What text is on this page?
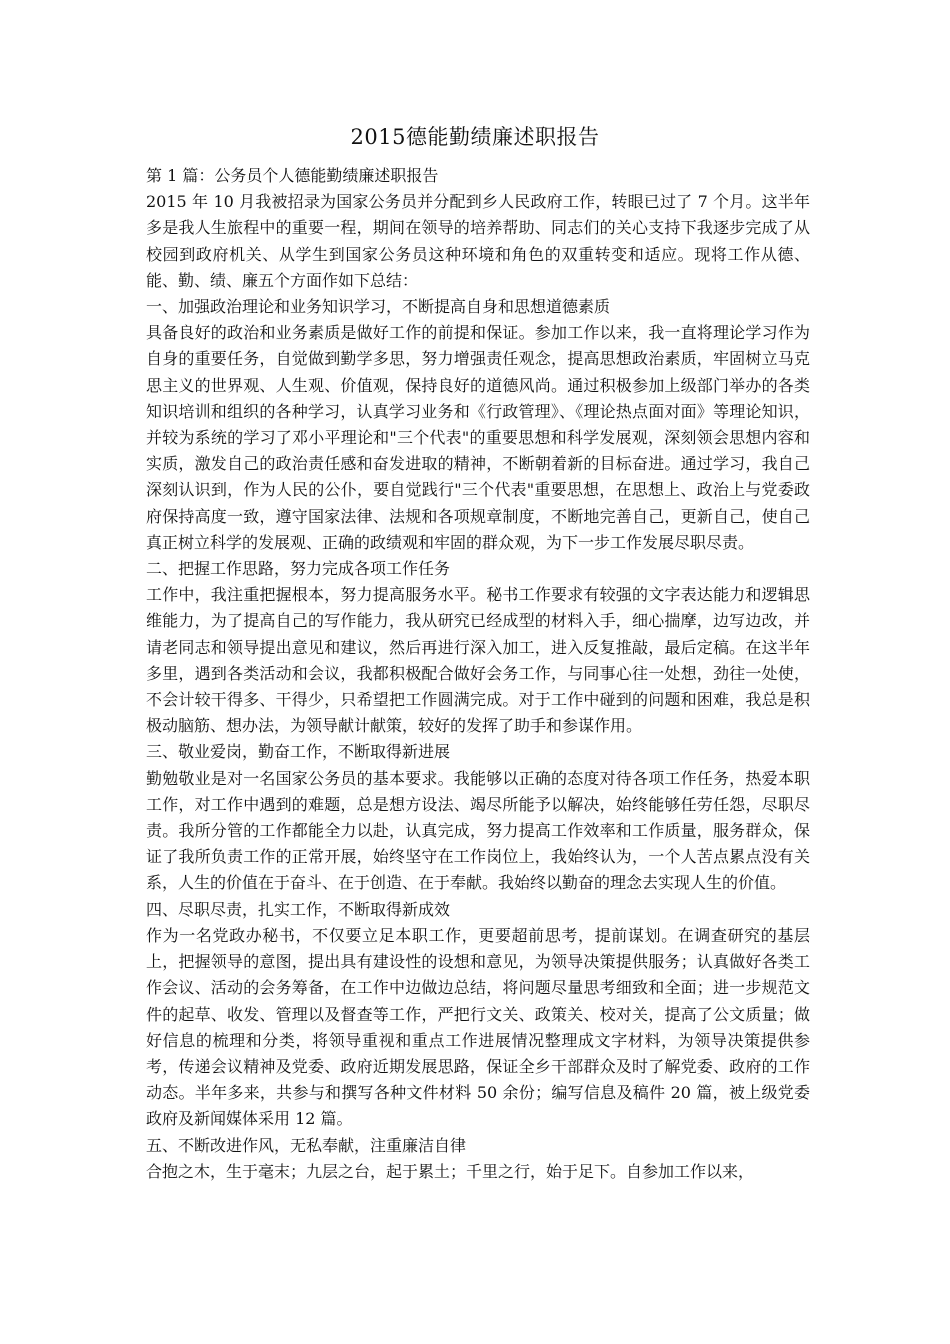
2015德能勤绩廉述职报告

第 1 篇：公务员个人德能勤绩廉述职报告

2015 年 10 月我被招录为国家公务员并分配到乡人民政府工作，转眼已过了 7 个月。这半年多是我人生旅程中的重要一程，期间在领导的培养帮助、同志们的关心支持下我逐步完成了从校园到政府机关、从学生到国家公务员这种环境和角色的双重转变和适应。现将工作从德、能、勤、绩、廉五个方面作如下总结：

一、加强政治理论和业务知识学习，不断提高自身和思想道德素质

具备良好的政治和业务素质是做好工作的前提和保证。参加工作以来，我一直将理论学习作为自身的重要任务，自觉做到勤学多思，努力增强责任观念，提高思想政治素质，牢固树立马克思主义的世界观、人生观、价值观，保持良好的道德风尚。通过积极参加上级部门举办的各类知识培训和组织的各种学习，认真学习业务和《行政管理》、《理论热点面对面》等理论知识，并较为系统的学习了邓小平理论和"三个代表"的重要思想和科学发展观，深刻领会思想内容和实质，激发自己的政治责任感和奋发进取的精神，不断朝着新的目标奋进。通过学习，我自己深刻认识到，作为人民的公仆，要自觉践行"三个代表"重要思想，在思想上、政治上与党委政府保持高度一致，遵守国家法律、法规和各项规章制度，不断地完善自己，更新自己，使自己真正树立科学的发展观、正确的政绩观和牢固的群众观，为下一步工作发展尽职尽责。

二、把握工作思路，努力完成各项工作任务

工作中，我注重把握根本，努力提高服务水平。秘书工作要求有较强的文字表达能力和逻辑思维能力，为了提高自己的写作能力，我从研究已经成型的材料入手，细心揣摩，边写边改，并请老同志和领导提出意见和建议，然后再进行深入加工，进入反复推敲，最后定稿。在这半年多里，遇到各类活动和会议，我都积极配合做好会务工作，与同事心往一处想，劲往一处使，不会计较干得多、干得少，只希望把工作圆满完成。对于工作中碰到的问题和困难，我总是积极动脑筋、想办法，为领导献计献策，较好的发挥了助手和参谋作用。

三、敬业爱岗，勤奋工作，不断取得新进展

勤勉敬业是对一名国家公务员的基本要求。我能够以正确的态度对待各项工作任务，热爱本职工作，对工作中遇到的难题，总是想方设法、竭尽所能予以解决，始终能够任劳任怨，尽职尽责。我所分管的工作都能全力以赴，认真完成，努力提高工作效率和工作质量，服务群众，保证了我所负责工作的正常开展，始终坚守在工作岗位上，我始终认为，一个人苦点累点没有关系，人生的价值在于奋斗、在于创造、在于奉献。我始终以勤奋的理念去实现人生的价值。

四、尽职尽责，扎实工作，不断取得新成效

作为一名党政办秘书，不仅要立足本职工作，更要超前思考，提前谋划。在调查研究的基层上，把握领导的意图，提出具有建设性的设想和意见，为领导决策提供服务；认真做好各类工作会议、活动的会务筹备，在工作中边做边总结，将问题尽量思考细致和全面；进一步规范文件的起草、收发、管理以及督查等工作，严把行文关、政策关、校对关，提高了公文质量；做好信息的梳理和分类，将领导重视和重点工作进展情况整理成文字材料，为领导决策提供参考，传递会议精神及党委、政府近期发展思路，保证全乡干部群众及时了解党委、政府的工作动态。半年多来，共参与和撰写各种文件材料 50 余份；编写信息及稿件 20 篇，被上级党委政府及新闻媒体采用 12 篇。

五、不断改进作风，无私奉献，注重廉洁自律

合抱之木，生于毫末；九层之台，起于累土；千里之行，始于足下。自参加工作以来，
